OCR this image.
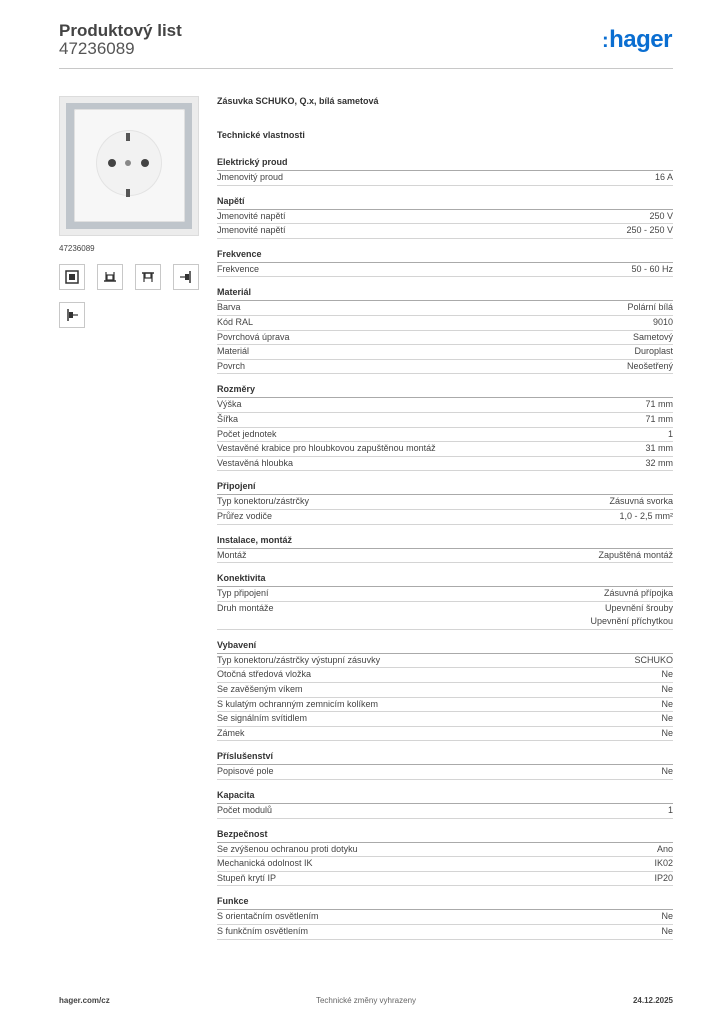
Produktový list
47236089	:hager
47236089
Zásuvka SCHUKO, Q.x, bílá sametová
Technické vlastnosti
Elektrický proud
Jmenovitý proud	16 A
Napětí
Jmenovité napětí	250 V
Jmenovité napětí	250 - 250 V
Frekvence
Frekvence	50 - 60 Hz
Materiál
Barva	Polární bílá
Kód RAL	9010
Povrchová úprava	Sametový
Materiál	Duroplast
Povrch	Neošetřený
Rozměry
Výška	71 mm
Šířka	71 mm
Počet jednotek	1
Vestavěné krabice pro hloubkovou zapuštěnou montáž	31 mm
Vestavěná hloubka	32 mm
Připojení
Typ konektoru/zástrčky	Zásuvná svorka
Průřez vodiče	1,0 - 2,5 mm²
Instalace, montáž
Montáž	Zapuštěná montáž
Konektivita
Typ připojení	Zásuvná přípojka
Druh montáže	Upevnění šrouby
Upevnění příchytkou
Vybavení
Typ konektoru/zástrčky výstupní zásuvky	SCHUKO
Otočná středová vložka	Ne
Se zavěšeným víkem	Ne
S kulatým ochranným zemnicím kolíkem	Ne
Se signálním svítidlem	Ne
Zámek	Ne
Příslušenství
Popisové pole	Ne
Kapacita
Počet modulů	1
Bezpečnost
Se zvýšenou ochranou proti dotyku	Ano
Mechanická odolnost IK	IK02
Stupeň krytí IP	IP20
Funkce
S orientačním osvětlením	Ne
S funkčním osvětlením	Ne
hager.com/cz	Technické změny vyhrazeny	24.12.2025
